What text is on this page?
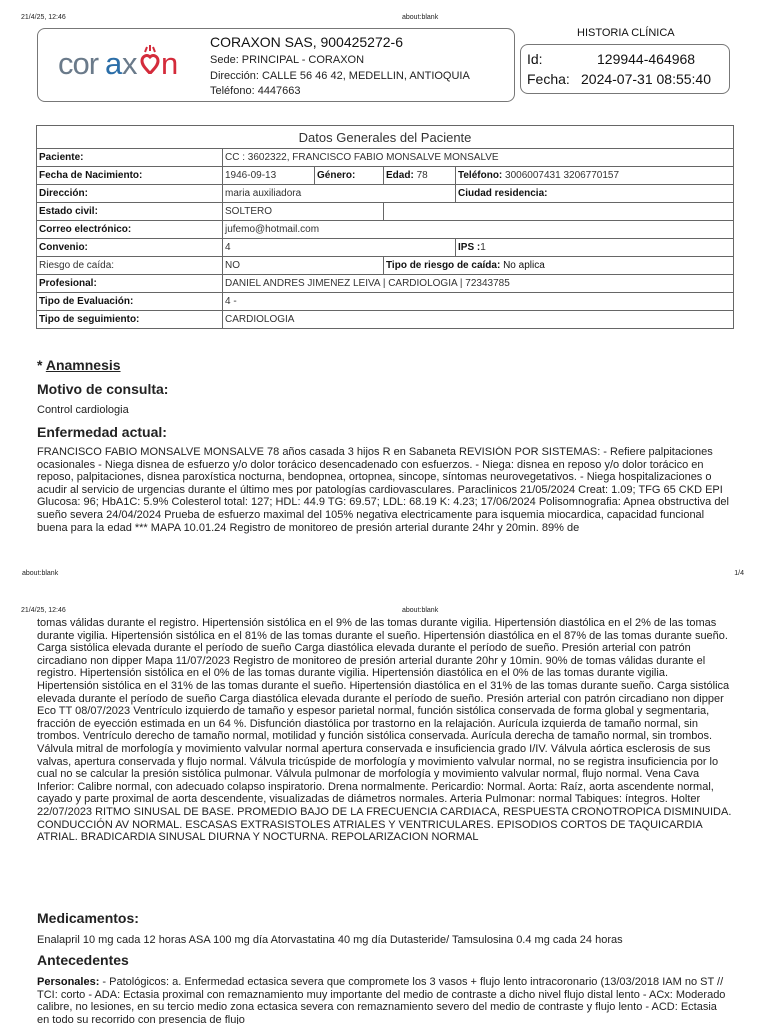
21/4/25, 12:46	about:blank
cor a x n
CORAXON SAS, 900425272-6
Sede: PRINCIPAL - CORAXON
Dirección: CALLE 56 46 42, MEDELLIN, ANTIOQUIA
Teléfono: 4447663
HISTORIA CLÍNICA
Id:	129944-464968
Fecha: 2024-07-31 08:55:40
Datos Generales del Paciente				
Paciente:	CC : 3602322, FRANCISCO FABIO MONSALVE MONSALVE			
Fecha de Nacimiento:	1946-09-13	Género:	Edad: 78	Teléfono: 3006007431 3206770157
Dirección:	maria auxiliadora			Ciudad residencia:
Estado civil:	SOLTERO			
Correo electrónico:	jufemo@hotmail.com			
Convenio:	4			IPS :1
Riesgo de caída:	NO		Tipo de riesgo de caída: No aplica	
Profesional:	DANIEL ANDRES JIMENEZ LEIVA | CARDIOLOGIA | 72343785			
Tipo de Evaluación:	4 -			
Tipo de seguimiento:	CARDIOLOGIA			
* Anamnesis
Motivo de consulta:
Control cardiologia
Enfermedad actual:
FRANCISCO FABIO MONSALVE MONSALVE 78 años casada 3 hijos R en Sabaneta REVISIÓN POR SISTEMAS: - Refiere palpitaciones ocasionales - Niega disnea de esfuerzo y/o dolor torácico desencadenado con esfuerzos. - Niega: disnea en reposo y/o dolor torácico en reposo, palpitaciones, disnea paroxística nocturna, bendopnea, ortopnea, sincope, síntomas neurovegetativos. - Niega hospitalizaciones o acudir al servicio de urgencias durante el último mes por patologías cardiovasculares. Paraclinicos 21/05/2024 Creat: 1.09; TFG 65 CKD EPI Glucosa: 96; HbA1C: 5.9% Colesterol total: 127; HDL: 44.9 TG: 69.57; LDL: 68.19 K: 4.23; 17/06/2024 Polisomnografia: Apnea obstructiva del sueño severa 24/04/2024 Prueba de esfuerzo maximal del 105% negativa electricamente para isquemia miocardica, capacidad funcional buena para la edad *** MAPA 10.01.24 Registro de monitoreo de presión arterial durante 24hr y 20min. 89% de
about:blank	1/4
21/4/25, 12:46	about:blank
tomas válidas durante el registro. Hipertensión sistólica en el 9% de las tomas durante vigilia. Hipertensión diastólica en el 2% de las tomas durante vigilia. Hipertensión sistólica en el 81% de las tomas durante el sueño. Hipertensión diastólica en el 87% de las tomas durante sueño. Carga sistólica elevada durante el período de sueño Carga diastólica elevada durante el período de sueño. Presión arterial con patrón circadiano non dipper Mapa 11/07/2023 Registro de monitoreo de presión arterial durante 20hr y 10min. 90% de tomas válidas durante el registro. Hipertensión sistólica en el 0% de las tomas durante vigilia. Hipertensión diastólica en el 0% de las tomas durante vigilia. Hipertensión sistólica en el 31% de las tomas durante el sueño. Hipertensión diastólica en el 31% de las tomas durante sueño. Carga sistólica elevada durante el período de sueño Carga diastólica elevada durante el período de sueño. Presión arterial con patrón circadiano non dipper Eco TT 08/07/2023 Ventrículo izquierdo de tamaño y espesor parietal normal, función sistólica conservada de forma global y segmentaria, fracción de eyección estimada en un 64 %. Disfunción diastólica por trastorno en la relajación. Aurícula izquierda de tamaño normal, sin trombos. Ventrículo derecho de tamaño normal, motilidad y función sistólica conservada. Aurícula derecha de tamaño normal, sin trombos. Válvula mitral de morfología y movimiento valvular normal apertura conservada e insuficiencia grado I/IV. Válvula aórtica esclerosis de sus valvas, apertura conservada y flujo normal. Válvula tricúspide de morfología y movimiento valvular normal, no se registra insuficiencia por lo cual no se calcular la presión sistólica pulmonar. Válvula pulmonar de morfología y movimiento valvular normal, flujo normal. Vena Cava Inferior: Calibre normal, con adecuado colapso inspiratorio. Drena normalmente. Pericardio: Normal. Aorta: Raíz, aorta ascendente normal, cayado y parte proximal de aorta descendente, visualizadas de diámetros normales. Arteria Pulmonar: normal Tabiques: íntegros. Holter 22/07/2023 RITMO SINUSAL DE BASE. PROMEDIO BAJO DE LA FRECUENCIA CARDIACA, RESPUESTA CRONOTROPICA DISMINUIDA. CONDUCCIÓN AV NORMAL. ESCASAS EXTRASISTOLES ATRIALES Y VENTRICULARES. EPISODIOS CORTOS DE TAQUICARDIA ATRIAL. BRADICARDIA SINUSAL DIURNA Y NOCTURNA. REPOLARIZACION NORMAL
Medicamentos:
Enalapril 10 mg cada 12 horas ASA 100 mg día Atorvastatina 40 mg día Dutasteride/ Tamsulosina 0.4 mg cada 24 horas
Antecedentes
Personales: - Patológicos: a. Enfermedad ectasica severa que compromete los 3 vasos + flujo lento intracoronario (13/03/2018 IAM no ST // TCI: corto - ADA: Ectasia proximal con remaznamiento muy importante del medio de contraste a dicho nivel flujo distal lento - ACx: Moderado calibre, no lesiones, en su tercio medio zona ectasica severa con remaznamiento severo del medio de contraste y flujo lento - ACD: Ectasia en todo su recorrido con presencia de flujo
